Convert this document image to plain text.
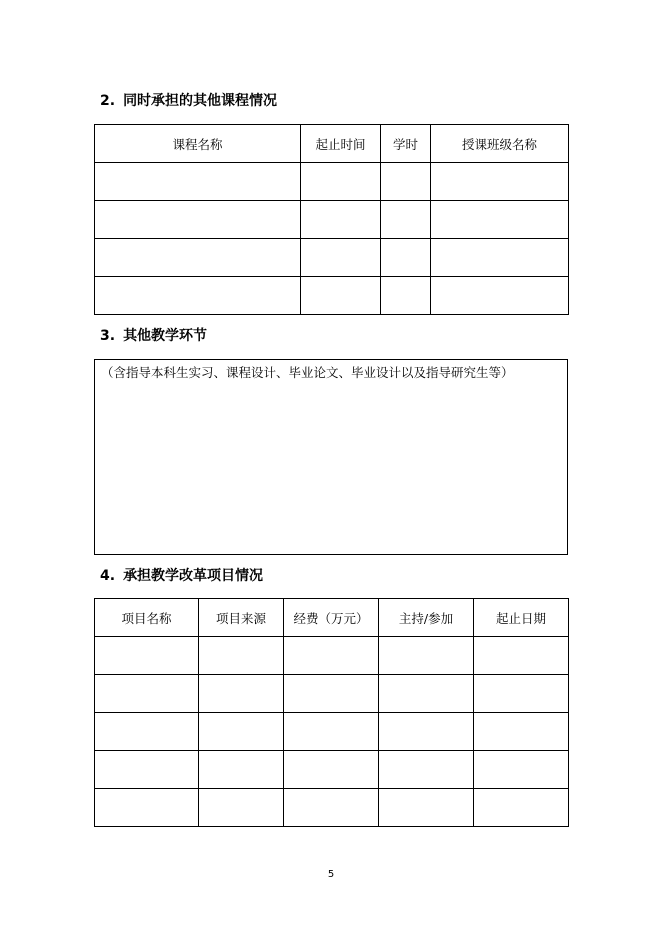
2. 同时承担的其他课程情况
课程名称	起止时间	学时	授课班级名称

3. 其他教学环节
（含指导本科生实习、课程设计、毕业论文、毕业设计以及指导研究生等）
4. 承担教学改革项目情况
项目名称	项目来源	经费（万元）	主持/参加	起止日期

5
